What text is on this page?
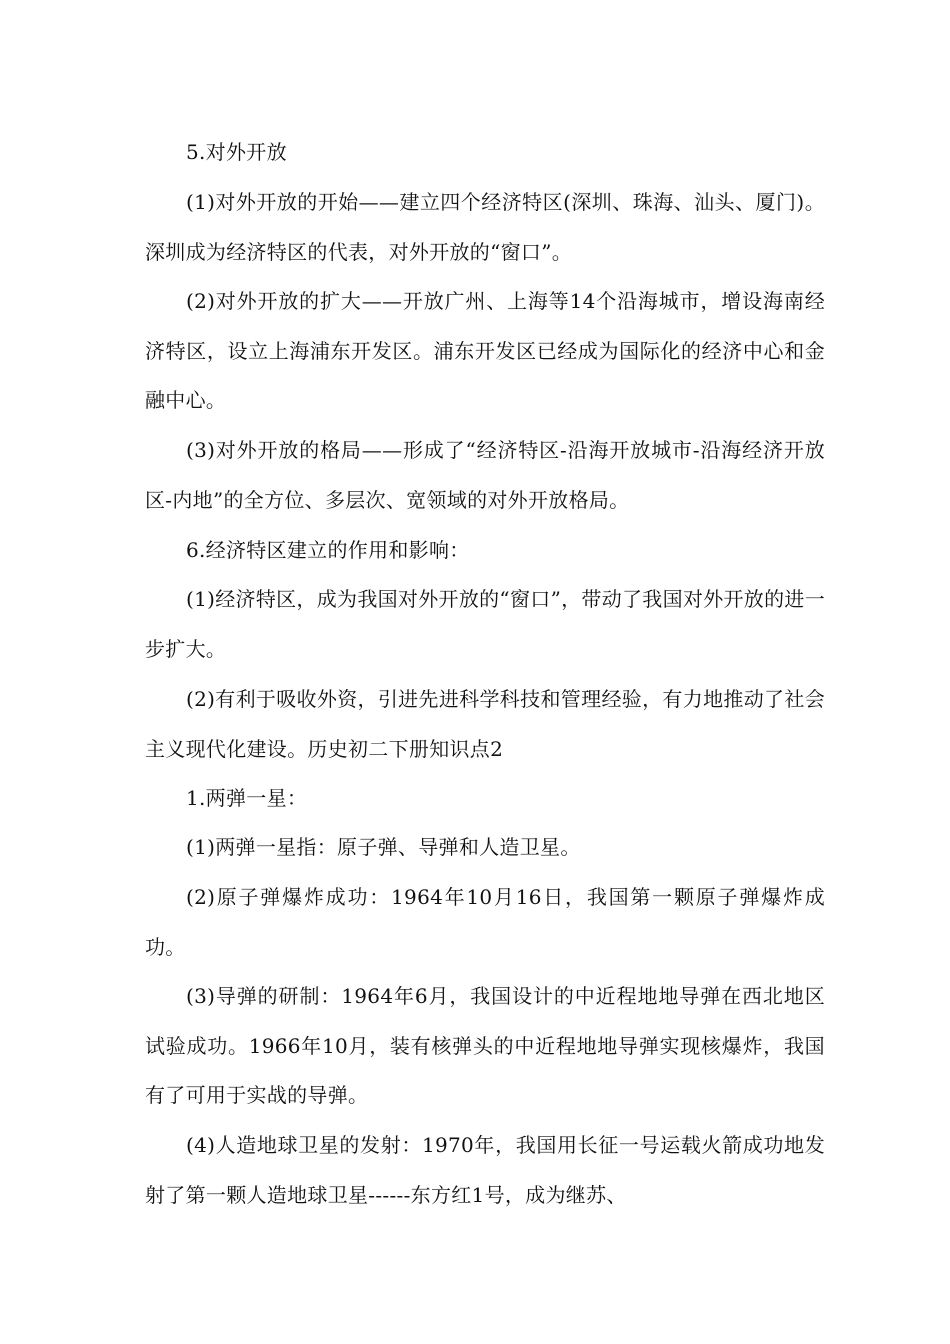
5.对外开放

(1)对外开放的开始——建立四个经济特区(深圳、珠海、汕头、厦门)。深圳成为经济特区的代表，对外开放的“窗口”。

(2)对外开放的扩大——开放广州、上海等14个沿海城市，增设海南经济特区，设立上海浦东开发区。浦东开发区已经成为国际化的经济中心和金融中心。

(3)对外开放的格局——形成了“经济特区-沿海开放城市-沿海经济开放区-内地”的全方位、多层次、宽领域的对外开放格局。

6.经济特区建立的作用和影响：

(1)经济特区，成为我国对外开放的“窗口”，带动了我国对外开放的进一步扩大。

(2)有利于吸收外资，引进先进科学科技和管理经验，有力地推动了社会主义现代化建设。历史初二下册知识点2

1.两弹一星：

(1)两弹一星指：原子弹、导弹和人造卫星。

(2)原子弹爆炸成功：1964年10月16日，我国第一颗原子弹爆炸成功。

(3)导弹的研制：1964年6月，我国设计的中近程地地导弹在西北地区试验成功。1966年10月，装有核弹头的中近程地地导弹实现核爆炸，我国有了可用于实战的导弹。

(4)人造地球卫星的发射：1970年，我国用长征一号运载火箭成功地发射了第一颗人造地球卫星------东方红1号，成为继苏、
